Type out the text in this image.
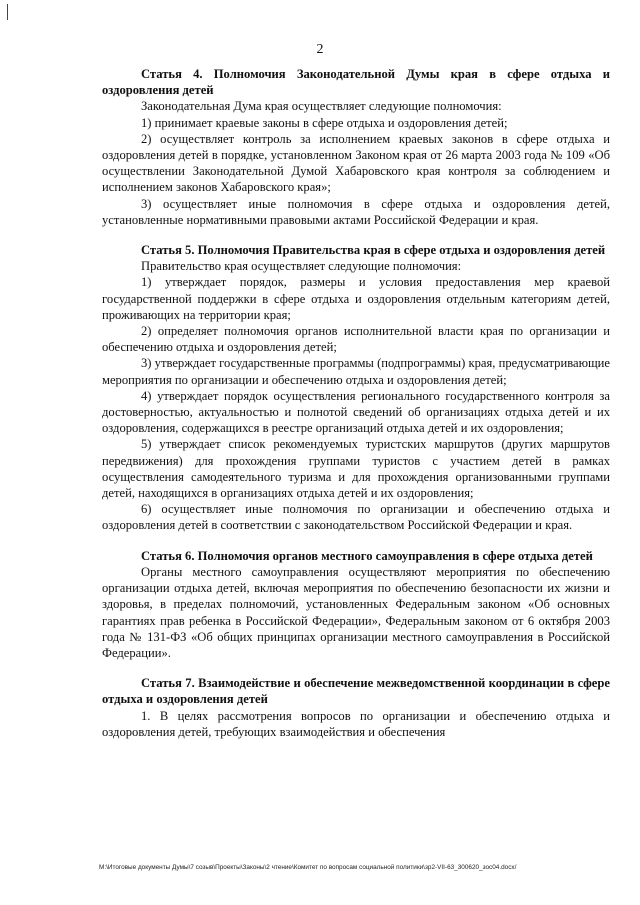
2

Статья 4. Полномочия Законодательной Думы края в сфере отдыха и оздоровления детей

Законодательная Дума края осуществляет следующие полномочия:

1) принимает краевые законы в сфере отдыха и оздоровления детей;

2) осуществляет контроль за исполнением краевых законов в сфере отдыха и оздоровления детей в порядке, установленном Законом края от 26 марта 2003 года № 109 «Об осуществлении Законодательной Думой Хабаровского края контроля за соблюдением и исполнением законов Хабаровского края»;

3) осуществляет иные полномочия в сфере отдыха и оздоровления детей, установленные нормативными правовыми актами Российской Федерации и края.

Статья 5. Полномочия Правительства края в сфере отдыха и оздоровления детей

Правительство края осуществляет следующие полномочия:

1) утверждает порядок, размеры и условия предоставления мер краевой государственной поддержки в сфере отдыха и оздоровления отдельным категориям детей, проживающих на территории края;

2) определяет полномочия органов исполнительной власти края по организации и обеспечению отдыха и оздоровления детей;

3) утверждает государственные программы (подпрограммы) края, предусматривающие мероприятия по организации и обеспечению отдыха и оздоровления детей;

4) утверждает порядок осуществления регионального государственного контроля за достоверностью, актуальностью и полнотой сведений об организациях отдыха детей и их оздоровления, содержащихся в реестре организаций отдыха детей и их оздоровления;

5) утверждает список рекомендуемых туристских маршрутов (других маршрутов передвижения) для прохождения группами туристов с участием детей в рамках осуществления самодеятельного туризма и для прохождения организованными группами детей, находящихся в организациях отдыха детей и их оздоровления;

6) осуществляет иные полномочия по организации и обеспечению отдыха и оздоровления детей в соответствии с законодательством Российской Федерации и края.

Статья 6. Полномочия органов местного самоуправления в сфере отдыха детей

Органы местного самоуправления осуществляют мероприятия по обеспечению организации отдыха детей, включая мероприятия по обеспечению безопасности их жизни и здоровья, в пределах полномочий, установленных Федеральным законом «Об основных гарантиях прав ребенка в Российской Федерации», Федеральным законом от 6 октября 2003 года № 131-ФЗ «Об общих принципах организации местного самоуправления в Российской Федерации».

Статья 7. Взаимодействие и обеспечение межведомственной координации в сфере отдыха и оздоровления детей

1. В целях рассмотрения вопросов по организации и обеспечению отдыха и оздоровления детей, требующих взаимодействия и обеспечения

M:\Итоговые документы Думы\7 созыв\Проекты\Законы\2 чтение\Комитет по вопросам социальной политики\зр2-VII-63_300620_зос04.docx/
